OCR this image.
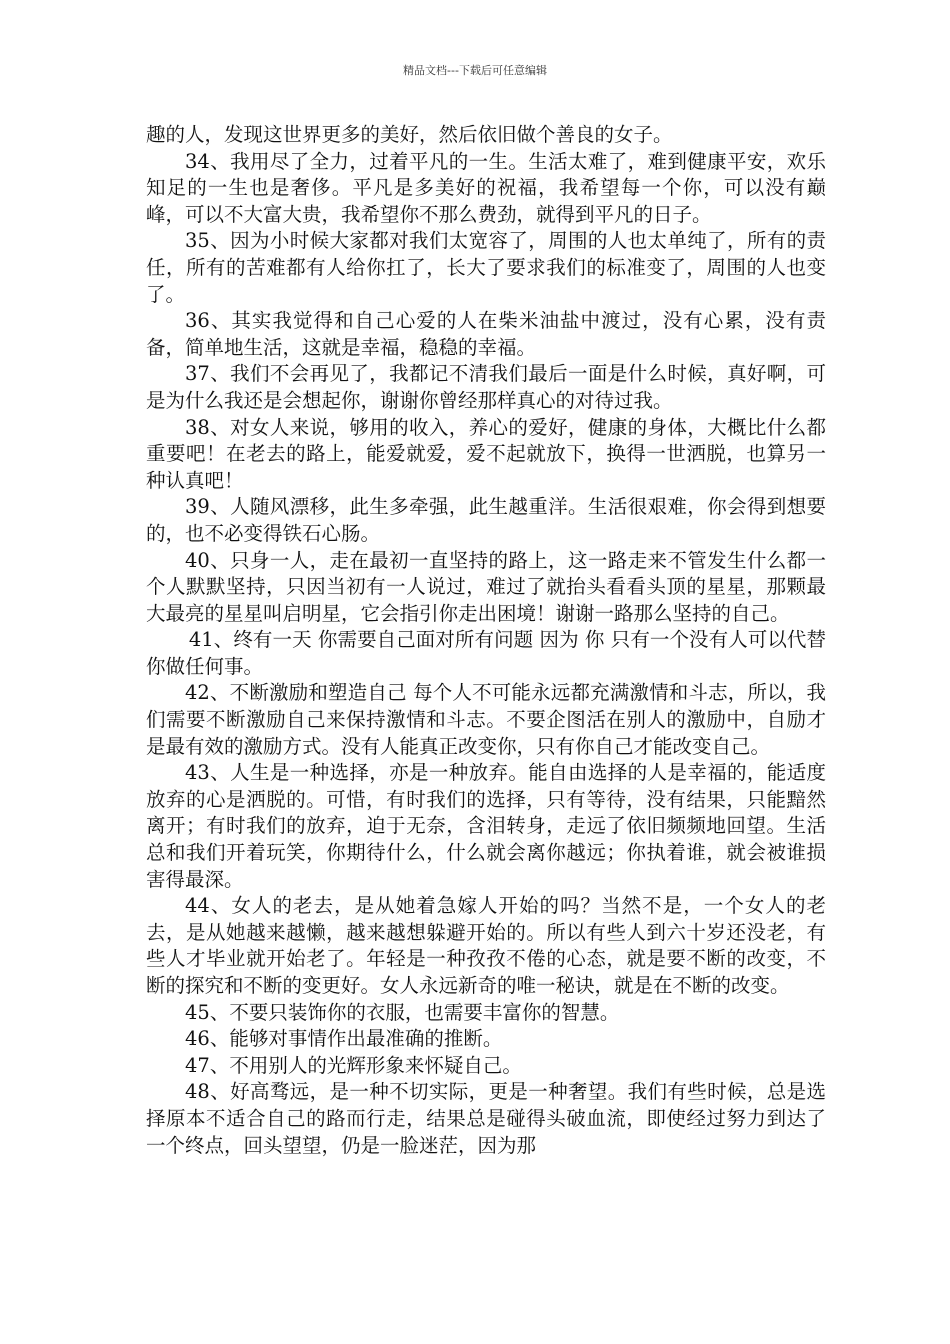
精品文档---下载后可任意编辑

趣的人，发现这世界更多的美好，然后依旧做个善良的女子。

34、我用尽了全力，过着平凡的一生。生活太难了，难到健康平安，欢乐知足的一生也是奢侈。平凡是多美好的祝福，我希望每一个你，可以没有巅峰，可以不大富大贵，我希望你不那么费劲，就得到平凡的日子。

35、因为小时候大家都对我们太宽容了，周围的人也太单纯了，所有的责任，所有的苦难都有人给你扛了，长大了要求我们的标准变了，周围的人也变了。

36、其实我觉得和自己心爱的人在柴米油盐中渡过，没有心累，没有责备，简单地生活，这就是幸福，稳稳的幸福。

37、我们不会再见了，我都记不清我们最后一面是什么时候，真好啊，可是为什么我还是会想起你，谢谢你曾经那样真心的对待过我。

38、对女人来说，够用的收入，养心的爱好，健康的身体，大概比什么都重要吧！在老去的路上，能爱就爱，爱不起就放下，换得一世洒脱，也算另一种认真吧！

39、人随风漂移，此生多牵强，此生越重洋。生活很艰难，你会得到想要的，也不必变得铁石心肠。

40、只身一人，走在最初一直坚持的路上，这一路走来不管发生什么都一个人默默坚持，只因当初有一人说过，难过了就抬头看看头顶的星星，那颗最大最亮的星星叫启明星，它会指引你走出困境！谢谢一路那么坚持的自己。

41、终有一天 你需要自己面对所有问题 因为 你 只有一个没有人可以代替你做任何事。

42、不断激励和塑造自己 每个人不可能永远都充满激情和斗志，所以，我们需要不断激励自己来保持激情和斗志。不要企图活在别人的激励中，自励才是最有效的激励方式。没有人能真正改变你，只有你自己才能改变自己。

43、人生是一种选择，亦是一种放弃。能自由选择的人是幸福的，能适度放弃的心是洒脱的。可惜，有时我们的选择，只有等待，没有结果，只能黯然离开；有时我们的放弃，迫于无奈，含泪转身，走远了依旧频频地回望。生活总和我们开着玩笑，你期待什么，什么就会离你越远；你执着谁，就会被谁损害得最深。

44、女人的老去，是从她着急嫁人开始的吗？当然不是，一个女人的老去，是从她越来越懒，越来越想躲避开始的。所以有些人到六十岁还没老，有些人才毕业就开始老了。年轻是一种孜孜不倦的心态，就是要不断的改变，不断的探究和不断的变更好。女人永远新奇的唯一秘诀，就是在不断的改变。

45、不要只装饰你的衣服，也需要丰富你的智慧。

46、能够对事情作出最准确的推断。

47、不用别人的光辉形象来怀疑自己。

48、好高骛远，是一种不切实际，更是一种奢望。我们有些时候，总是选择原本不适合自己的路而行走，结果总是碰得头破血流，即使经过努力到达了一个终点，回头望望，仍是一脸迷茫，因为那
